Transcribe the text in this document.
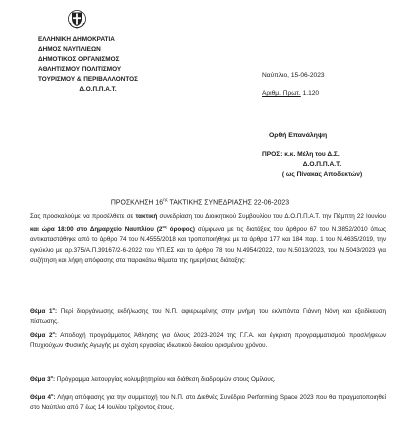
ΕΛΛΗΝΙΚΗ ΔΗΜΟΚΡΑΤΙΑ
ΔΗΜΟΣ ΝΑΥΠΛΙΕΩΝ
ΔΗΜΟΤΙΚΟΣ ΟΡΓΑΝΙΣΜΟΣ
ΑΘΛΗΤΙΣΜΟΥ ΠΟΛΙΤΙΣΜΟΥ
ΤΟΥΡΙΣΜΟΥ & ΠΕΡΙΒΑΛΛΟΝΤΟΣ
Δ.Ο.Π.Π.Α.Τ.
Ναύπλιο, 15-06-2023
Αριθμ. Πρωτ. 1.120
Ορθή Επανάληψη
ΠΡΟΣ: κ.κ. Μέλη του Δ.Σ.
Δ.Ο.Π.Π.Α.Τ.
( ως Πίνακας Αποδεκτών)
ΠΡΟΣΚΛΗΣΗ $16^{\eta\varsigma}$ ΤΑΚΤΙΚΗΣ ΣΥΝΕΔΡΙΑΣΗΣ 22-06-2023

Σας προσκαλούμε να προσέλθετε σε τακτική συνεδρίαση του Διοικητικού Συμβουλίου του Δ.Ο.Π.Π.Α.Τ. την Πέμπτη 22 Ιουνίου και ώρα 18:00 στο Δημαρχείο Ναυπλίου ($2^{o\varsigma}$ όροφος) σύμφωνα με τις διατάξεις του άρθρου 67 του Ν.3852/2010 όπως αντικαταστάθηκε από το άρθρο 74 του Ν.4555/2018 και τροποποιήθηκε με τα άρθρα 177 και 184 παρ. 1 του Ν.4635/2019, την εγκύκλιο με αρ.375/Α.Π.39167/2-6-2022 του ΥΠ.ΕΣ και το άρθρο 78 του Ν.4954/2022, του Ν.5013/2023, του Ν.5043/2023 για συζήτηση και λήψη απόφασης στα παρακάτω θέματα της ημερήσιας διάταξης:

Θέμα $1^o$: Περί διοργάνωσης εκδήλωσης του Ν.Π. αφιερωμένης στην μνήμη του εκλιπόντα Γιάννη Νόνη και εξειδίκευση πίστωσης.

Θέμα $2^o$: Αποδοχή προγράμματος Άθλησης για όλους 2023-2024 της Γ.Γ.Α. και έγκριση προγραμματισμού προσλήψεων Πτυχιούχων Φυσικής Αγωγής με σχέση εργασίας ιδιωτικού δικαίου ορισμένου χρόνου.

Θέμα $3^o$: Πρόγραμμα λειτουργίας κολυμβητηρίου και διάθεση διαδρομών στους Ομίλους.

Θέμα $4^o$: Λήψη απόφασης για την συμμετοχή του Ν.Π. στο Διεθνές Συνέδριο Performing Space 2023 που θα πραγματοποιηθεί στο Ναύπλιο από 7 έως 14 Ιουλίου τρέχοντος έτους.
